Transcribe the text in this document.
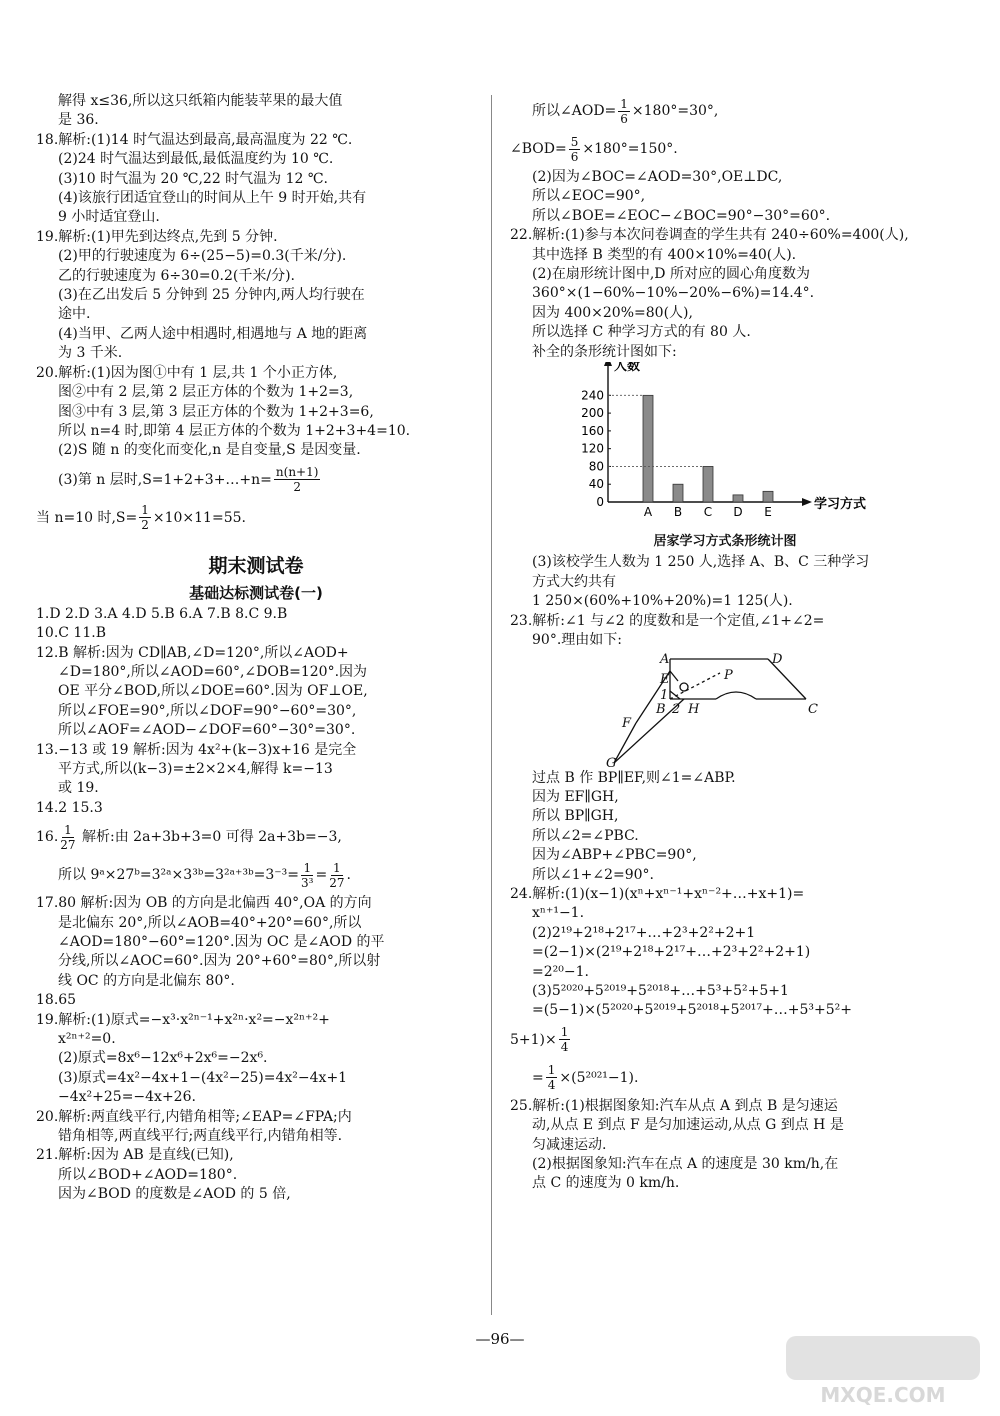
解得 x≤36,所以这只纸箱内能装苹果的最大值
是 36.
18.解析:(1)14 时气温达到最高,最高温度为 22 ℃.
(2)24 时气温达到最低,最低温度约为 10 ℃.
(3)10 时气温为 20 ℃,22 时气温为 12 ℃.
(4)该旅行团适宜登山的时间从上午 9 时开始,共有
9 小时适宜登山.
19.解析:(1)甲先到达终点,先到 5 分钟.
(2)甲的行驶速度为 6÷(25−5)=0.3(千米/分).
乙的行驶速度为 6÷30=0.2(千米/分).
(3)在乙出发后 5 分钟到 25 分钟内,两人均行驶在
途中.
(4)当甲、乙两人途中相遇时,相遇地与 A 地的距离
为 3 千米.
20.解析:(1)因为图①中有 1 层,共 1 个小正方体,
图②中有 2 层,第 2 层正方体的个数为 1+2=3,
图③中有 3 层,第 3 层正方体的个数为 1+2+3=6,
所以 n=4 时,即第 4 层正方体的个数为 1+2+3+4=10.
(2)S 随 n 的变化而变化,n 是自变量,S 是因变量.
(3)第 n 层时,S=1+2+3+…+n= $\frac{n(n+1)}{2}$
当 n=10 时$,S= \frac{1}{2} \times 10\times 11=55$.
期末测试卷
基础达标测试卷(一)
1.D 2.D 3.A 4.D 5.B 6.A 7.B 8.C 9.B
10.C 11.B
12.B 解析:因为 CD∥AB,∠D=120°,所以∠AOD+
∠D=180°,所以∠AOD=60°,∠DOB=120°.因为
OE 平分∠BOD,所以∠DOE=60°.因为 OF⊥OE,
所以∠FOE=90°,所以∠DOF=90°−60°=30°,
所以∠AOF=∠AOD−∠DOF=60°−30°=30°.
13.−13 或 19 解析:因为 4x²+(k−3)x+16 是完全
平方式,所以(k−3)=±2×2×4,解得 k=−13
或 19.
14.2 15.3
16. $\frac{1}{27}$ 解析:由 2a+3b+3=0 可得 2a+3b=−3,
所以 9ᵃ×27ᵇ=3²ᵃ×3³ᵇ=3²ᵃ⁺³ᵇ=3⁻³= $\frac{1}{\text{3³}} = \frac{1}{27}$ .
17.80 解析:因为 OB 的方向是北偏西 40°,OA 的方向
是北偏东 20°,所以∠AOB=40°+20°=60°,所以
∠AOD=180°−60°=120°.因为 OC 是∠AOD 的平
分线,所以∠AOC=60°.因为 20°+60°=80°,所以射
线 OC 的方向是北偏东 80°.
18.65
19.解析:(1)原式=−x³·x²ⁿ⁻¹+x²ⁿ·x²=−x²ⁿ⁺²+
x²ⁿ⁺²=0.
(2)原式=8x⁶−12x⁶+2x⁶=−2x⁶.
(3)原式=4x²−4x+1−(4x²−25)=4x²−4x+1
−4x²+25=−4x+26.
20.解析:两直线平行,内错角相等;∠EAP=∠FPA;内
错角相等,两直线平行;两直线平行,内错角相等.
21.解析:因为 AB 是直线(已知),
所以∠BOD+∠AOD=180°.
因为∠BOD 的度数是∠AOD 的 5 倍,
所以∠AOD= $\frac{1}{6} \times 180^\circ=30^\circ$,
∠BOD= $\frac{5}{6} \times 180^\circ=150^\circ$.
(2)因为∠BOC=∠AOD=30°,OE⊥DC,
所以∠EOC=90°,
所以∠BOE=∠EOC−∠BOC=90°−30°=60°.
22.解析:(1)参与本次问卷调查的学生共有 240÷60%=400(人),
其中选择 B 类型的有 400×10%=40(人).
(2)在扇形统计图中,D 所对应的圆心角度数为
360°×(1−60%−10%−20%−6%)=14.4°.
因为 400×20%=80(人),
所以选择 C 种学习方式的有 80 人.
补全的条形统计图如下:
人数
学习方式
0
40
80
120
160
200
240
A B C D E
居家学习方式条形统计图
(3)该校学生人数为 1 250 人,选择 A、B、C 三种学习
方式大约共有
1 250×(60%+10%+20%)=1 125(人).
23.解析:∠1 与∠2 的度数和是一个定值,∠1+∠2=
90°.理由如下:
A	D
E
1
P
B 2 H	C
F
G
过点 B 作 BP∥EF,则∠1=∠ABP.
因为 EF∥GH,
所以 BP∥GH,
所以∠2=∠PBC.
因为∠ABP+∠PBC=90°,
所以∠1+∠2=90°.
24.解析:(1)(x−1)(xⁿ+xⁿ⁻¹+xⁿ⁻²+…+x+1)=
xⁿ⁺¹−1.
(2)2¹⁹+2¹⁸+2¹⁷+…+2³+2²+2+1
=(2−1)×(2¹⁹+2¹⁸+2¹⁷+…+2³+2²+2+1)
=2²⁰−1.
(3)5²⁰²⁰+5²⁰¹⁹+5²⁰¹⁸+…+5³+5²+5+1
=(5−1)×(5²⁰²⁰+5²⁰¹⁹+5²⁰¹⁸+5²⁰¹⁷+…+5³+5²+
$5+1)\times \frac{1}{4}$
= $\frac{1}{4} \times(5^{2021}-1)$.
25.解析:(1)根据图象知:汽车从点 A 到点 B 是匀速运
动,从点 E 到点 F 是匀加速运动,从点 G 到点 H 是
匀减速运动.
(2)根据图象知:汽车在点 A 的速度是 30 km/h,在
点 C 的速度为 0 km/h.
—96—
MXQE.COM
